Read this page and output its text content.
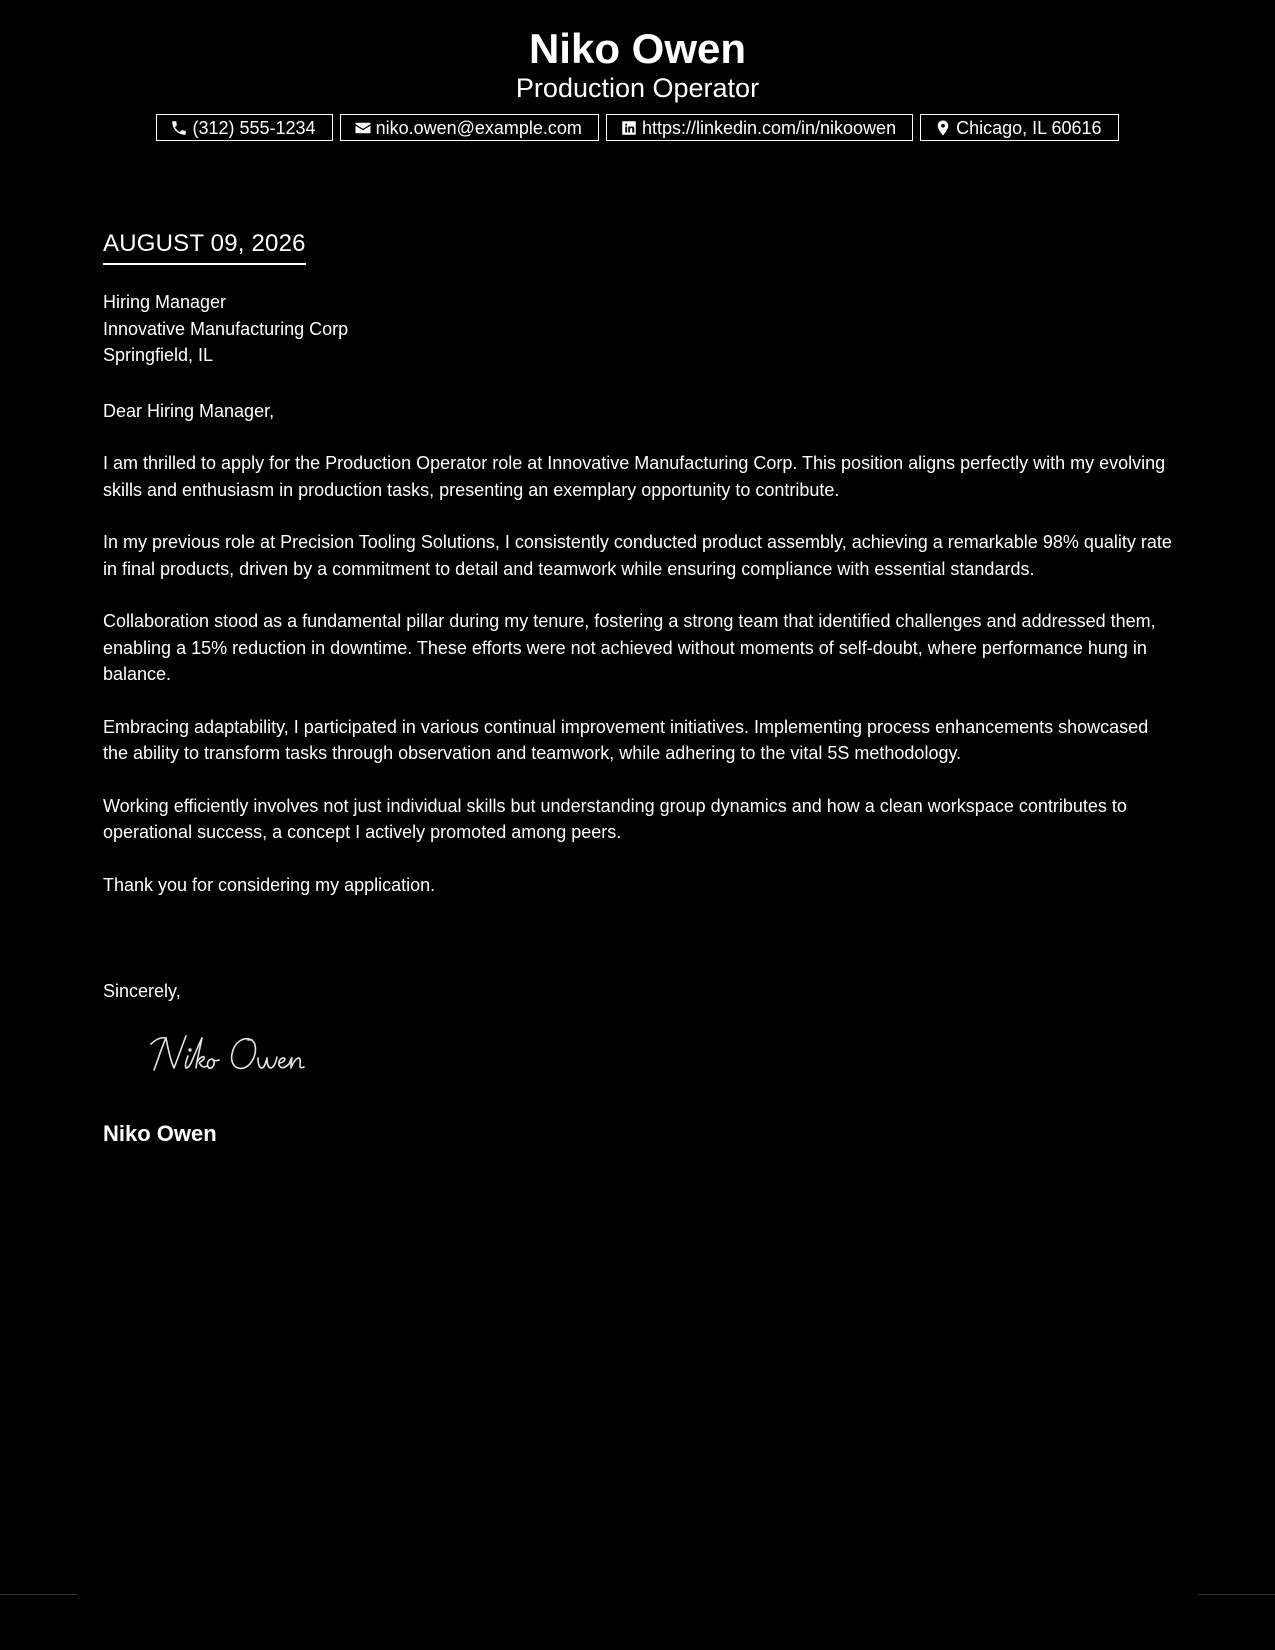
Niko Owen
Production Operator
(312) 555-1234	niko.owen@example.com	https://linkedin.com/in/nikoowen	Chicago, IL 60616
AUGUST 09, 2026
Hiring Manager
Innovative Manufacturing Corp
Springfield, IL
Dear Hiring Manager,
I am thrilled to apply for the Production Operator role at Innovative Manufacturing Corp. This position aligns perfectly with my evolving skills and enthusiasm in production tasks, presenting an exemplary opportunity to contribute.
In my previous role at Precision Tooling Solutions, I consistently conducted product assembly, achieving a remarkable 98% quality rate in final products, driven by a commitment to detail and teamwork while ensuring compliance with essential standards.
Collaboration stood as a fundamental pillar during my tenure, fostering a strong team that identified challenges and addressed them, enabling a 15% reduction in downtime. These efforts were not achieved without moments of self-doubt, where performance hung in balance.
Embracing adaptability, I participated in various continual improvement initiatives. Implementing process enhancements showcased the ability to transform tasks through observation and teamwork, while adhering to the vital 5S methodology.
Working efficiently involves not just individual skills but understanding group dynamics and how a clean workspace contributes to operational success, a concept I actively promoted among peers.
Thank you for considering my application.
Sincerely,
Niko Owen
